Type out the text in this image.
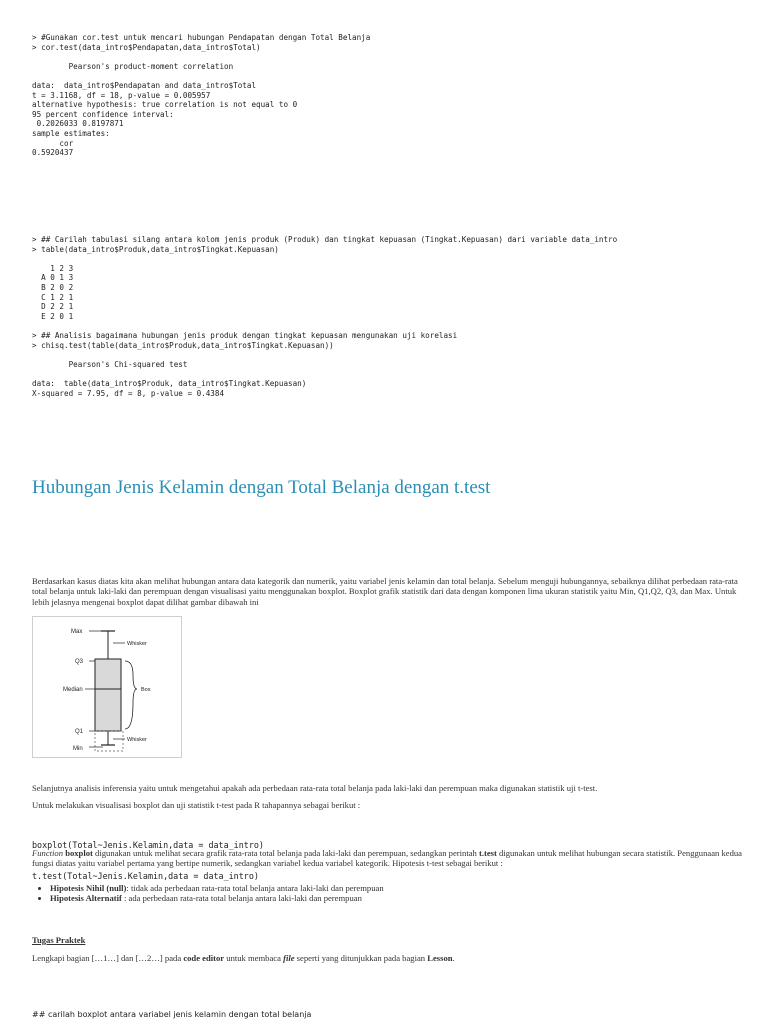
> #Gunakan cor.test untuk mencari hubungan Pendapatan dengan Total Belanja
> cor.test(data_intro$Pendapatan,data_intro$Total)

Pearson's product-moment correlation

data:  data_intro$Pendapatan and data_intro$Total
t = 3.1168, df = 18, p-value = 0.005957
alternative hypothesis: true correlation is not equal to 0
95 percent confidence interval:
0.2026033 0.8197871
sample estimates:
cor
0.5920437
> ## Carilah tabulasi silang antara kolom jenis produk (Produk) dan tingkat kepuasan (Tingkat.Kepuasan) dari variable data_intro
> table(data_intro$Produk,data_intro$Tingkat.Kepuasan)

1 2 3
A 0 1 3
B 2 0 2
C 1 2 1
D 2 2 1
E 2 0 1

> ## Analisis bagaimana hubungan jenis produk dengan tingkat kepuasan mengunakan uji korelasi
> chisq.test(table(data_intro$Produk,data_intro$Tingkat.Kepuasan))

Pearson's Chi-squared test

data:  table(data_intro$Produk, data_intro$Tingkat.Kepuasan)
X-squared = 7.95, df = 8, p-value = 0.4384
Hubungan Jenis Kelamin dengan Total Belanja dengan t.test
Berdasarkan kasus diatas kita akan melihat hubungan antara data kategorik dan numerik, yaitu variabel jenis kelamin dan total belanja. Sebelum menguji hubungannya, sebaiknya dilihat perbedaan rata-rata total belanja untuk laki-laki dan perempuan dengan visualisasi yaitu menggunakan boxplot. Boxplot grafik statistik dari data dengan komponen lima ukuran statistik yaitu Min, Q1,Q2, Q3, dan Max. Untuk lebih jelasnya mengenai boxplot dapat dilihat gambar dibawah ini
Max
Q3
Median
Q1
Min
Whisker
Box
Whisker
Selanjutnya analisis inferensia yaitu untuk mengetahui apakah ada perbedaan rata-rata total belanja pada laki-laki dan perempuan maka digunakan statistik uji t-test.
Untuk melakukan visualisasi boxplot dan uji statistik t-test pada R tahapannya sebagai berikut :

boxplot(Total~Jenis.Kelamin,data = data_intro)

t.test(Total~Jenis.Kelamin,data = data_intro)

Function boxplot digunakan untuk melihat secara grafik rata-rata total belanja pada laki-laki dan perempuan, sedangkan perintah t.test digunakan untuk melihat hubungan secara statistik. Penggunaan kedua fungsi diatas yaitu variabel pertama yang bertipe numerik, sedangkan variabel kedua variabel kategorik. Hipotesis t-test sebagai berikut :
• Hipotesis Nihil (null): tidak ada perbedaan rata-rata total belanja antara laki-laki dan perempuan
• Hipotesis Alternatif : ada perbedaan rata-rata total belanja antara laki-laki dan perempuan
Tugas Praktek
Lengkapi bagian […1…] dan […2…] pada code editor untuk membaca file seperti yang ditunjukkan pada bagian Lesson.
## carilah boxplot antara variabel jenis kelamin dengan total belanja
